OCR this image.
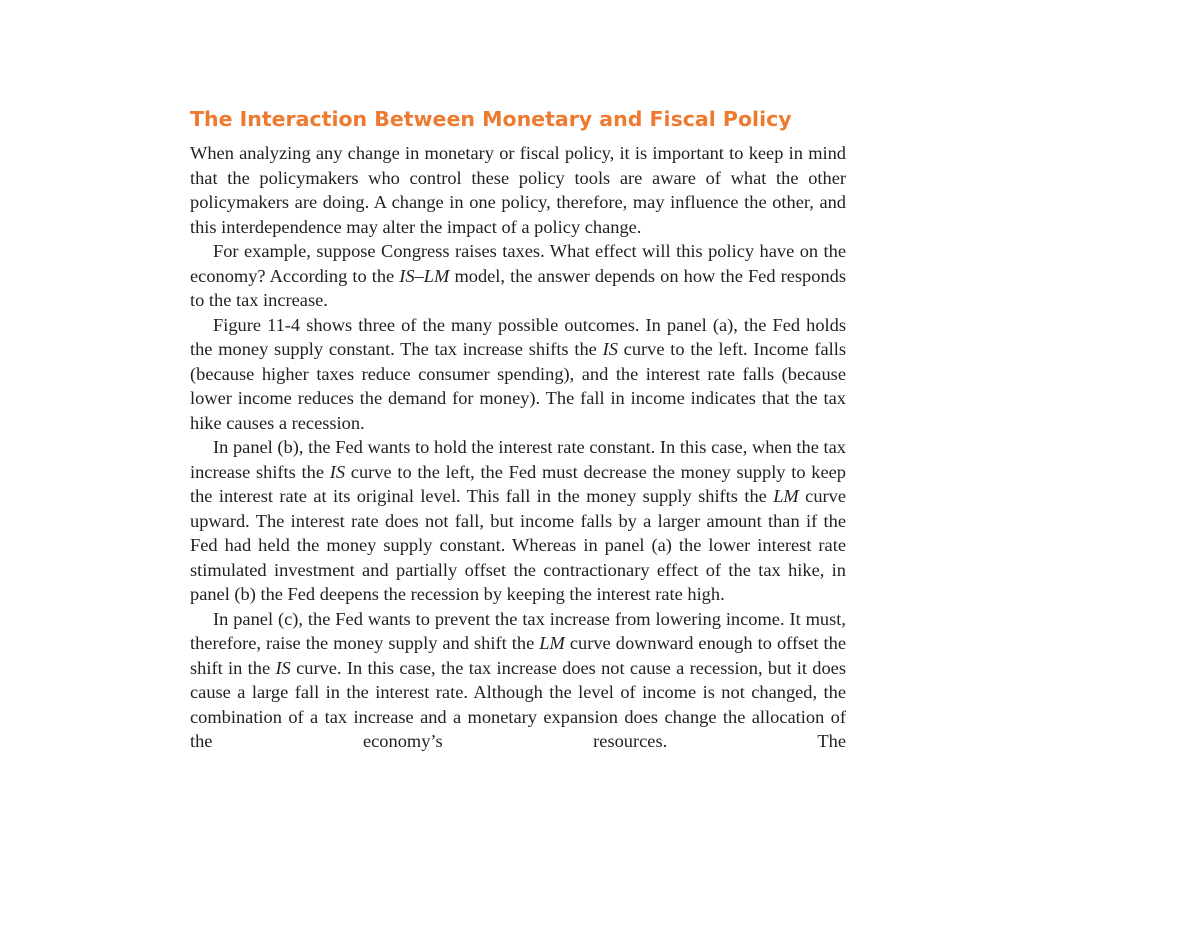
The Interaction Between Monetary and Fiscal Policy

When analyzing any change in monetary or fiscal policy, it is important to keep in mind that the policymakers who control these policy tools are aware of what the other policymakers are doing. A change in one policy, therefore, may influence the other, and this interdependence may alter the impact of a policy change.

For example, suppose Congress raises taxes. What effect will this policy have on the economy? According to the IS–LM model, the answer depends on how the Fed responds to the tax increase.

Figure 11-4 shows three of the many possible outcomes. In panel (a), the Fed holds the money supply constant. The tax increase shifts the IS curve to the left. Income falls (because higher taxes reduce consumer spending), and the interest rate falls (because lower income reduces the demand for money). The fall in income indicates that the tax hike causes a recession.

In panel (b), the Fed wants to hold the interest rate constant. In this case, when the tax increase shifts the IS curve to the left, the Fed must decrease the money supply to keep the interest rate at its original level. This fall in the money supply shifts the LM curve upward. The interest rate does not fall, but income falls by a larger amount than if the Fed had held the money supply constant. Whereas in panel (a) the lower interest rate stimulated investment and partially offset the contractionary effect of the tax hike, in panel (b) the Fed deepens the recession by keeping the interest rate high.

In panel (c), the Fed wants to prevent the tax increase from lowering income. It must, therefore, raise the money supply and shift the LM curve downward enough to offset the shift in the IS curve. In this case, the tax increase does not cause a recession, but it does cause a large fall in the interest rate. Although the level of income is not changed, the combination of a tax increase and a monetary expansion does change the allocation of the economy’s resources. The
